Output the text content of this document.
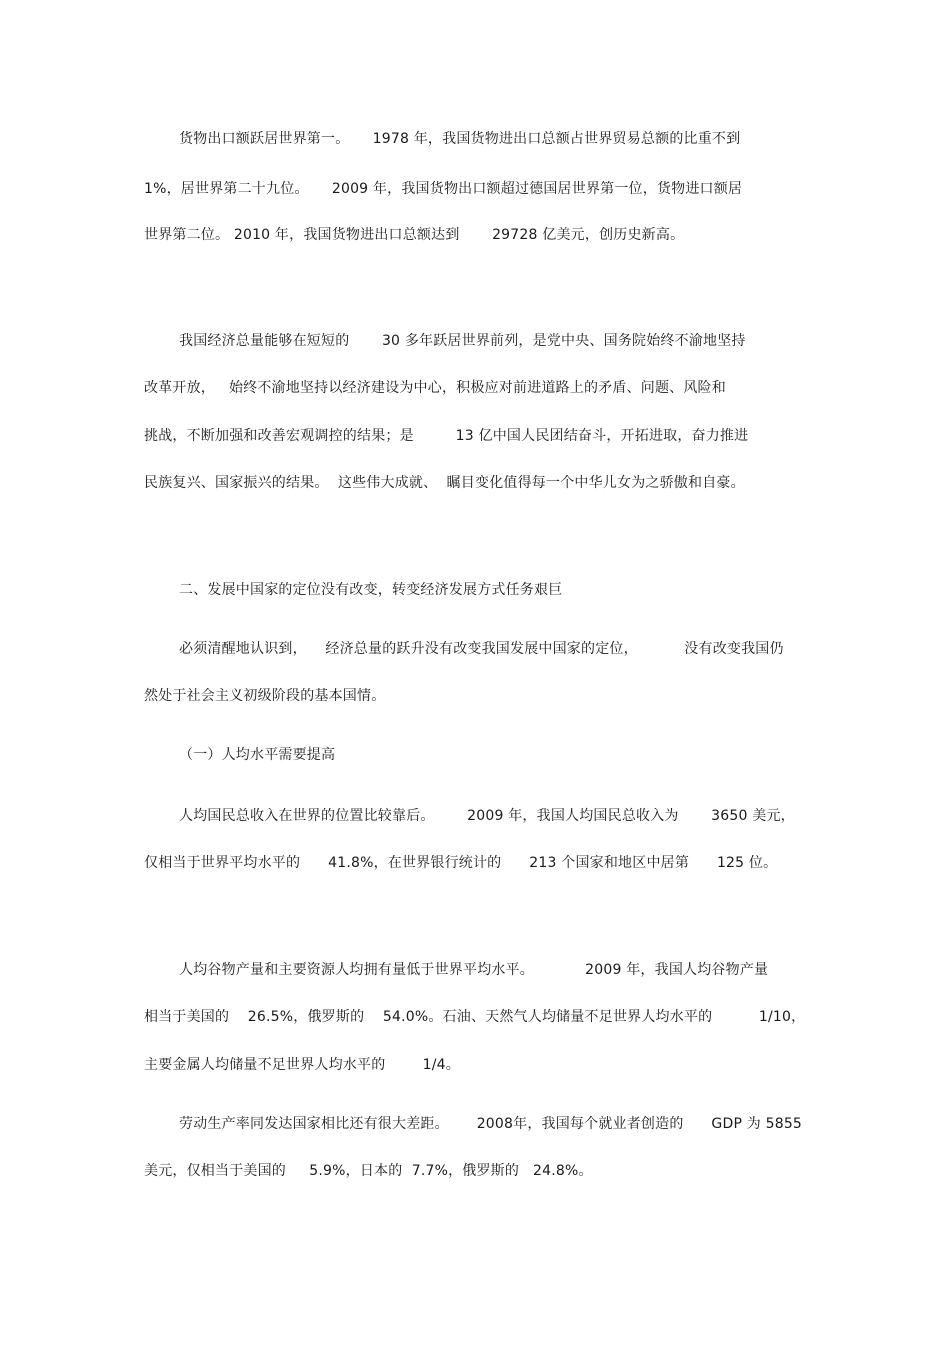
货物出口额跃居世界第一。     1978 年，我国货物进出口总额占世界贸易总额的比重不到
1%，居世界第二十九位。     2009 年，我国货物出口额超过德国居世界第一位，货物进口额居
世界第二位。 2010 年，我国货物进出口总额达到       29728 亿美元，创历史新高。
我国经济总量能够在短短的       30 多年跃居世界前列，是党中央、国务院始终不渝地坚持
改革开放，   始终不渝地坚持以经济建设为中心，积极应对前进道路上的矛盾、问题、风险和
挑战，不断加强和改善宏观调控的结果；是         13 亿中国人民团结奋斗，开拓进取，奋力推进
民族复兴、国家振兴的结果。  这些伟大成就、  瞩目变化值得每一个中华儿女为之骄傲和自豪。
二、发展中国家的定位没有改变，转变经济发展方式任务艰巨
必须清醒地认识到，    经济总量的跃升没有改变我国发展中国家的定位，          没有改变我国仍
然处于社会主义初级阶段的基本国情。
（一）人均水平需要提高
人均国民总收入在世界的位置比较靠后。       2009 年，我国人均国民总收入为       3650 美元，
仅相当于世界平均水平的      41.8%，在世界银行统计的      213 个国家和地区中居第      125 位。
人均谷物产量和主要资源人均拥有量低于世界平均水平。           2009 年，我国人均谷物产量
相当于美国的    26.5%，俄罗斯的    54.0%。石油、天然气人均储量不足世界人均水平的          1/10，
主要金属人均储量不足世界人均水平的        1/4。
劳动生产率同发达国家相比还有很大差距。      2008年，我国每个就业者创造的      GDP 为 5855
美元，仅相当于美国的     5.9%，日本的  7.7%，俄罗斯的   24.8%。
